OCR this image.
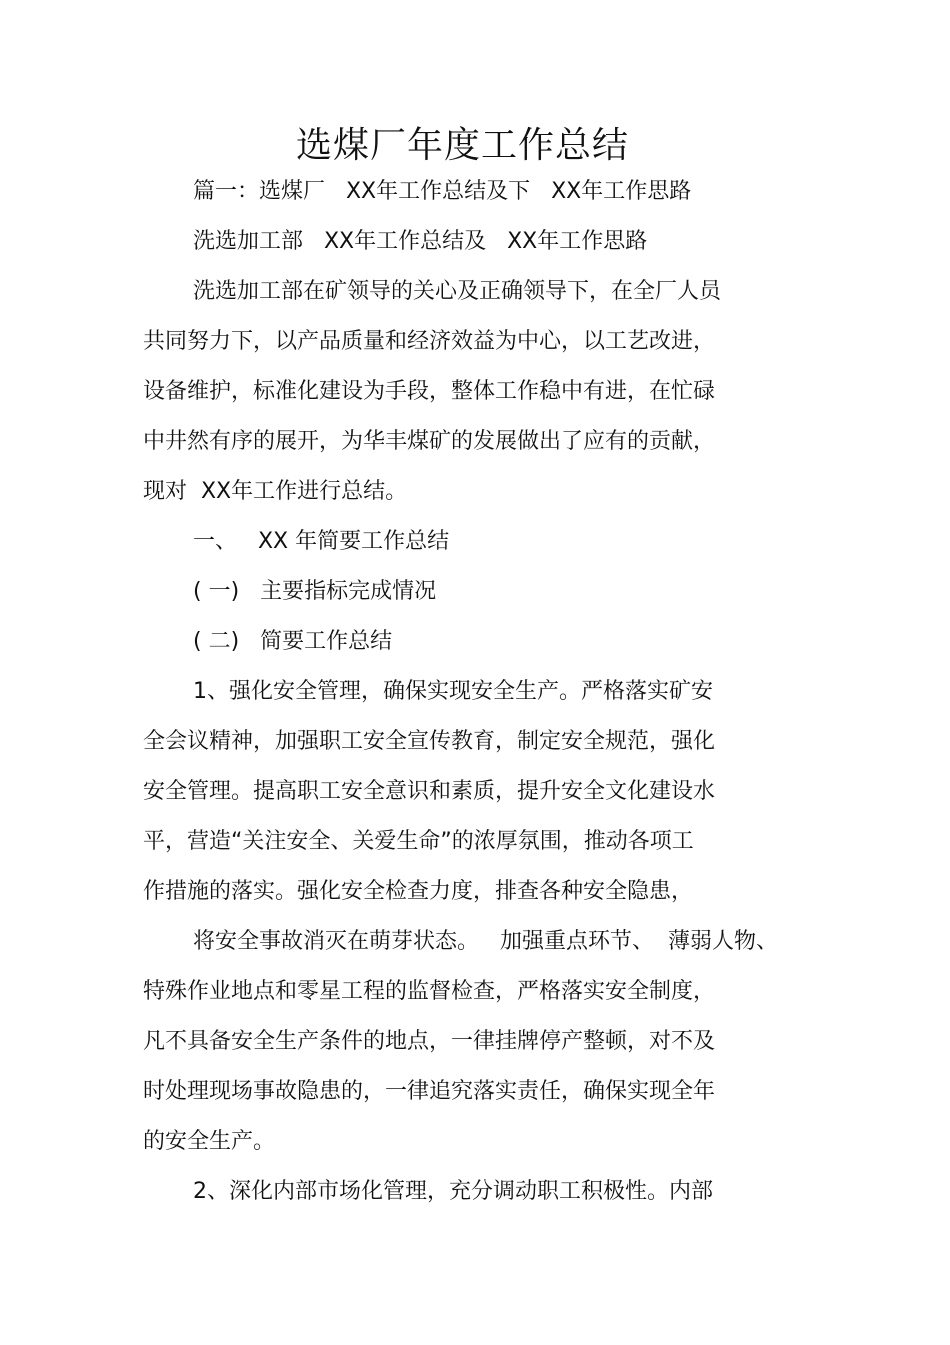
选煤厂年度工作总结
篇一：选煤厂   XX年工作总结及下   XX年工作思路
洗选加工部   XX年工作总结及   XX年工作思路
洗选加工部在矿领导的关心及正确领导下，在全厂人员
共同努力下，以产品质量和经济效益为中心，以工艺改进，
设备维护，标准化建设为手段，整体工作稳中有进，在忙碌
中井然有序的展开，为华丰煤矿的发展做出了应有的贡献，
现对  XX年工作进行总结。
一、   XX 年简要工作总结
( 一)   主要指标完成情况
( 二)   简要工作总结
1、强化安全管理，确保实现安全生产。严格落实矿安
全会议精神，加强职工安全宣传教育，制定安全规范，强化
安全管理。提高职工安全意识和素质，提升安全文化建设水
平，营造“关注安全、关爱生命”的浓厚氛围，推动各项工
作措施的落实。强化安全检查力度，排查各种安全隐患，
将安全事故消灭在萌芽状态。   加强重点环节、  薄弱人物、
特殊作业地点和零星工程的监督检查，严格落实安全制度，
凡不具备安全生产条件的地点，一律挂牌停产整顿，对不及
时处理现场事故隐患的，一律追究落实责任，确保实现全年
的安全生产。
2、深化内部市场化管理，充分调动职工积极性。内部
